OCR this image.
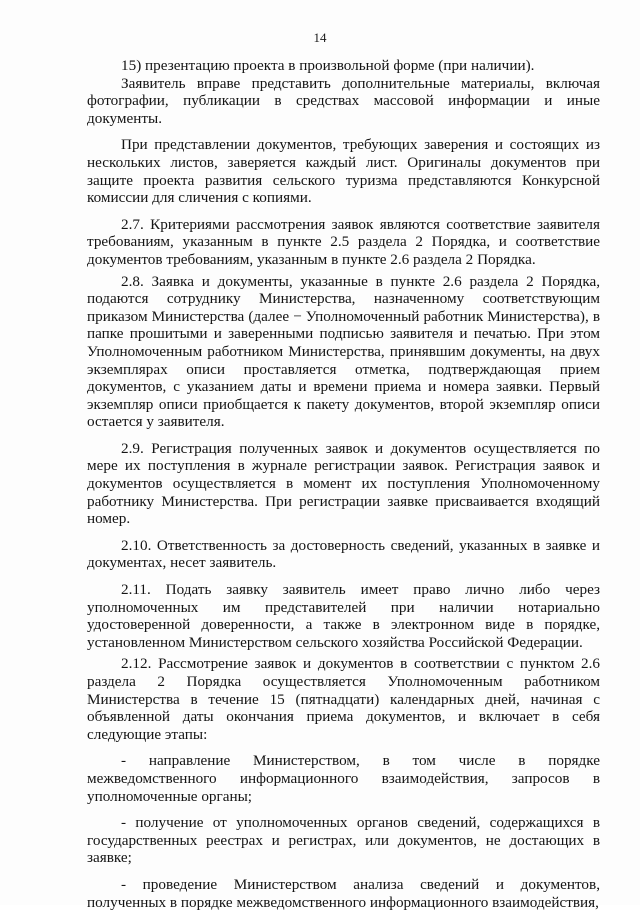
14

15) презентацию проекта в произвольной форме (при наличии).

Заявитель вправе представить дополнительные материалы, включая фотографии, публикации в средствах массовой информации и иные документы.

При представлении документов, требующих заверения и состоящих из нескольких листов, заверяется каждый лист. Оригиналы документов при защите проекта развития сельского туризма представляются Конкурсной комиссии для сличения с копиями.

2.7. Критериями рассмотрения заявок являются соответствие заявителя требованиям, указанным в пункте 2.5 раздела 2 Порядка, и соответствие документов требованиям, указанным в пункте 2.6 раздела 2 Порядка.

2.8. Заявка и документы, указанные в пункте 2.6 раздела 2 Порядка, подаются сотруднику Министерства, назначенному соответствующим приказом Министерства (далее − Уполномоченный работник Министерства), в папке прошитыми и заверенными подписью заявителя и печатью. При этом Уполномоченным работником Министерства, принявшим документы, на двух экземплярах описи проставляется отметка, подтверждающая прием документов, с указанием даты и времени приема и номера заявки. Первый экземпляр описи приобщается к пакету документов, второй экземпляр описи остается у заявителя.

2.9. Регистрация полученных заявок и документов осуществляется по мере их поступления в журнале регистрации заявок. Регистрация заявок и документов осуществляется в момент их поступления Уполномоченному работнику Министерства. При регистрации заявке присваивается входящий номер.

2.10. Ответственность за достоверность сведений, указанных в заявке и документах, несет заявитель.

2.11. Подать заявку заявитель имеет право лично либо через уполномоченных им представителей при наличии нотариально удостоверенной доверенности, а также в электронном виде в порядке, установленном Министерством сельского хозяйства Российской Федерации.

2.12. Рассмотрение заявок и документов в соответствии с пунктом 2.6 раздела 2 Порядка осуществляется Уполномоченным работником Министерства в течение 15 (пятнадцати) календарных дней, начиная с объявленной даты окончания приема документов, и включает в себя следующие этапы:

- направление Министерством, в том числе в порядке межведомственного информационного взаимодействия, запросов в уполномоченные органы;

- получение от уполномоченных органов сведений, содержащихся в государственных реестрах и регистрах, или документов, не достающих в заявке;

- проведение Министерством анализа сведений и документов, полученных в порядке межведомственного информационного взаимодействия,
